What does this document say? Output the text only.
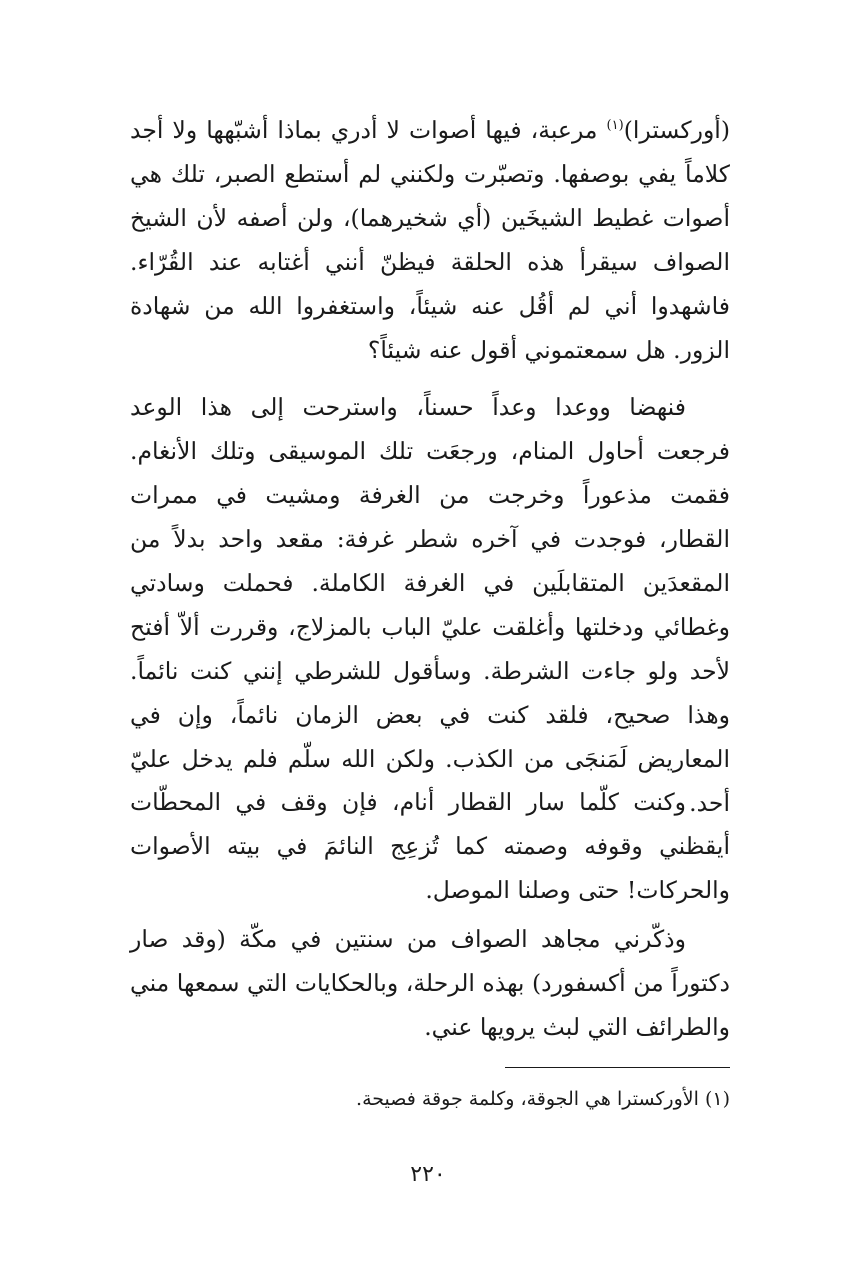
(أوركسترا)$^{(١)}$ مرعبة، فيها أصوات لا أدري بماذا أشبّهها ولا أجد كلاماً يفي بوصفها. وتصبّرت ولكنني لم أستطع الصبر، تلك هي أصوات غطيط الشيخَين (أي شخيرهما)، ولن أصفه لأن الشيخ الصواف سيقرأ هذه الحلقة فيظنّ أنني أغتابه عند القُرّاء. فاشهدوا أني لم أقُل عنه شيئاً، واستغفروا الله من شهادة الزور. هل سمعتموني أقول عنه شيئاً؟

فنهضا ووعدا وعداً حسناً، واسترحت إلى هذا الوعد فرجعت أحاول المنام، ورجعَت تلك الموسيقى وتلك الأنغام. فقمت مذعوراً وخرجت من الغرفة ومشيت في ممرات القطار، فوجدت في آخره شطر غرفة: مقعد واحد بدلاً من المقعدَين المتقابلَين في الغرفة الكاملة. فحملت وسادتي وغطائي ودخلتها وأغلقت عليّ الباب بالمزلاج، وقررت ألاّ أفتح لأحد ولو جاءت الشرطة. وسأقول للشرطي إنني كنت نائماً. وهذا صحيح، فلقد كنت في بعض الزمان نائماً، وإن في المعاريض لَمَنجَى من الكذب. ولكن الله سلّم فلم يدخل عليّ أحد.

وكنت كلّما سار القطار أنام، فإن وقف في المحطّات أيقظني وقوفه وصمته كما تُزعِج النائمَ في بيته الأصوات والحركات! حتى وصلنا الموصل.

وذكّرني مجاهد الصواف من سنتين في مكّة (وقد صار دكتوراً من أكسفورد) بهذه الرحلة، وبالحكايات التي سمعها مني والطرائف التي لبث يرويها عني.

(١) الأوركسترا هي الجوقة، وكلمة جوقة فصيحة.
٢٢٠
